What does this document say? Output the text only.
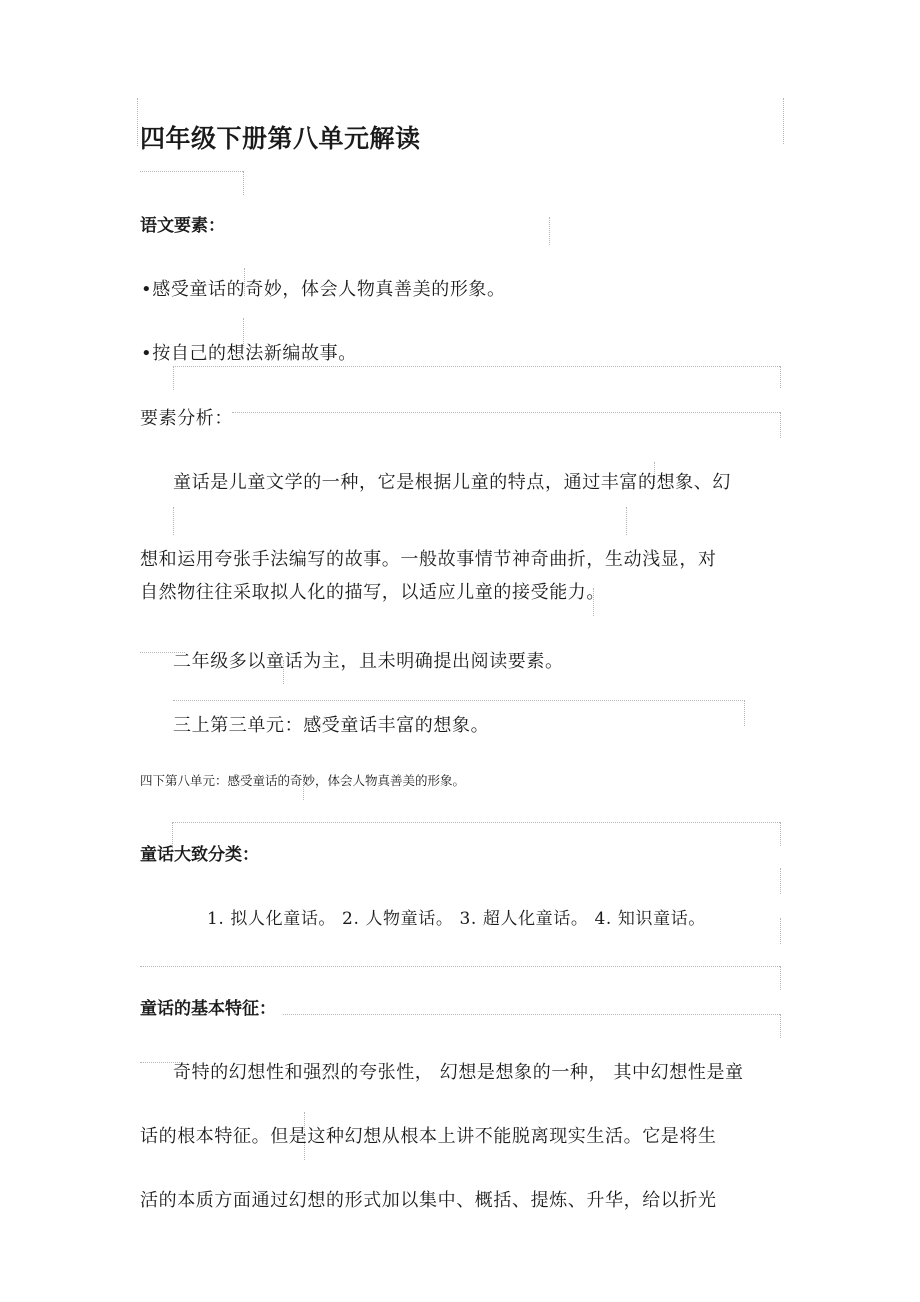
四年级下册第八单元解读
语文要素：
•感受童话的奇妙，体会人物真善美的形象。
•按自己的想法新编故事。
要素分析：
童话是儿童文学的一种，它是根据儿童的特点，通过丰富的想象、幻
想和运用夸张手法编写的故事。一般故事情节神奇曲折，生动浅显，对
自然物往往采取拟人化的描写，以适应儿童的接受能力。
二年级多以童话为主，且未明确提出阅读要素。
三上第三单元：感受童话丰富的想象。
四下第八单元：感受童话的奇妙，体会人物真善美的形象。
童话大致分类：
1. 拟人化童话。 2. 人物童话。 3. 超人化童话。 4. 知识童话。
童话的基本特征：
奇特的幻想性和强烈的夸张性， 幻想是想象的一种， 其中幻想性是童
话的根本特征。但是这种幻想从根本上讲不能脱离现实生活。它是将生
活的本质方面通过幻想的形式加以集中、概括、提炼、升华，给以折光
